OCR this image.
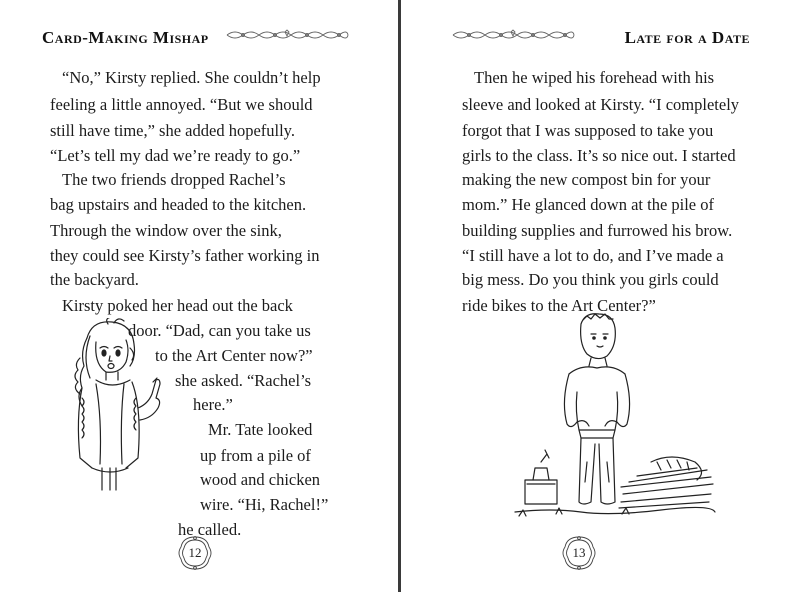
Card-Making Mishap
“No,” Kirsty replied. She couldn’t help
feeling a little annoyed. “But we should
still have time,” she added hopefully.
“Let’s tell my dad we’re ready to go.”
The two friends dropped Rachel’s
bag upstairs and headed to the kitchen.
Through the window over the sink,
they could see Kirsty’s father working in
the backyard.
Kirsty poked her head out the back
door. “Dad, can you take us
to the Art Center now?”
she asked. “Rachel’s
here.”
Mr. Tate looked
up from a pile of
wood and chicken
wire. “Hi, Rachel!”
he called.
12
Late for a Date
Then he wiped his forehead with his
sleeve and looked at Kirsty. “I completely
forgot that I was supposed to take you
girls to the class. It’s so nice out. I started
making the new compost bin for your
mom.” He glanced down at the pile of
building supplies and furrowed his brow.
“I still have a lot to do, and I’ve made a
big mess. Do you think you girls could
ride bikes to the Art Center?”
13
